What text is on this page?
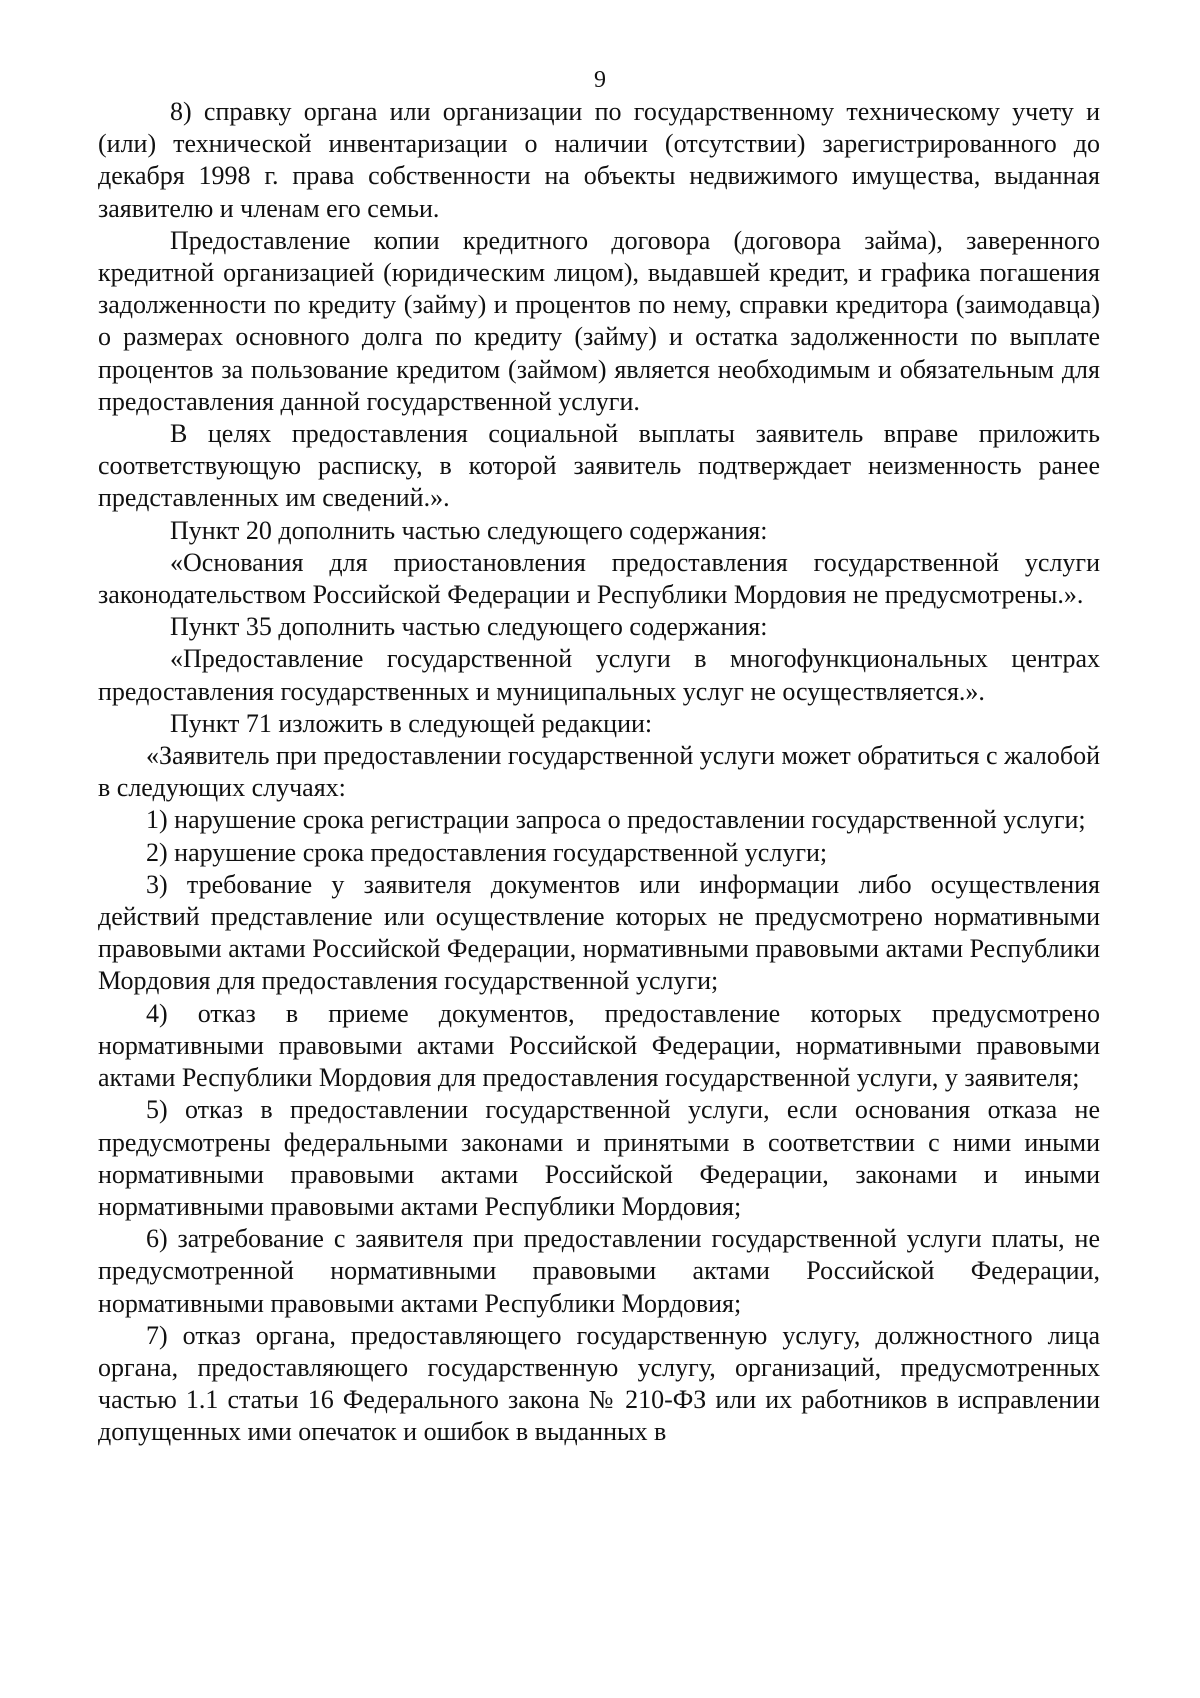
9

8) справку органа или организации по государственному техническому учету и (или) технической инвентаризации о наличии (отсутствии) зарегистрированного до декабря 1998 г. права собственности на объекты недвижимого имущества, выданная заявителю и членам его семьи.

Предоставление копии кредитного договора (договора займа), заверенного кредитной организацией (юридическим лицом), выдавшей кредит, и графика погашения задолженности по кредиту (займу) и процентов по нему, справки кредитора (заимодавца) о размерах основного долга по кредиту (займу) и остатка задолженности по выплате процентов за пользование кредитом (займом) является необходимым и обязательным для предоставления данной государственной услуги.

В целях предоставления социальной выплаты заявитель вправе приложить соответствующую расписку, в которой заявитель подтверждает неизменность ранее представленных им сведений.».

Пункт 20 дополнить частью следующего содержания:

«Основания для приостановления предоставления государственной услуги законодательством Российской Федерации и Республики Мордовия не предусмотрены.».

Пункт 35 дополнить частью следующего содержания:

«Предоставление государственной услуги в многофункциональных центрах предоставления государственных и муниципальных услуг не осуществляется.».

Пункт 71 изложить в следующей редакции:

«Заявитель при предоставлении государственной услуги может обратиться с жалобой в следующих случаях:

1) нарушение срока регистрации запроса о предоставлении государственной услуги;

2) нарушение срока предоставления государственной услуги;

3) требование у заявителя документов или информации либо осуществления действий представление или осуществление которых не предусмотрено нормативными правовыми актами Российской Федерации, нормативными правовыми актами Республики Мордовия для предоставления государственной услуги;

4) отказ в приеме документов, предоставление которых предусмотрено нормативными правовыми актами Российской Федерации, нормативными правовыми актами Республики Мордовия для предоставления государственной услуги, у заявителя;

5) отказ в предоставлении государственной услуги, если основания отказа не предусмотрены федеральными законами и принятыми в соответствии с ними иными нормативными правовыми актами Российской Федерации, законами и иными нормативными правовыми актами Республики Мордовия;

6) затребование с заявителя при предоставлении государственной услуги платы, не предусмотренной нормативными правовыми актами Российской Федерации, нормативными правовыми актами Республики Мордовия;

7) отказ органа, предоставляющего государственную услугу, должностного лица органа, предоставляющего государственную услугу, организаций, предусмотренных частью 1.1 статьи 16 Федерального закона № 210-ФЗ или их работников в исправлении допущенных ими опечаток и ошибок в выданных в
